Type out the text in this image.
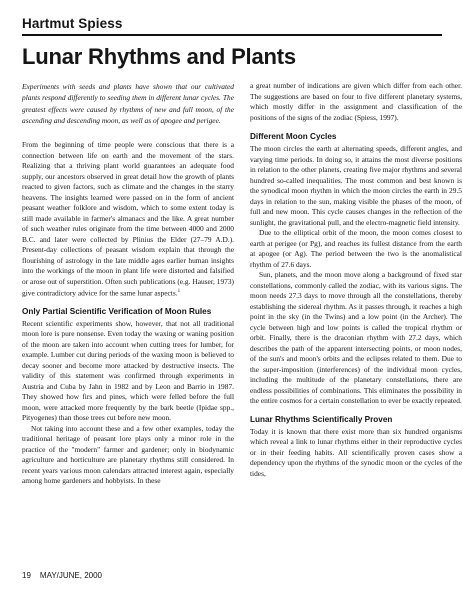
Hartmut Spiess
Lunar Rhythms and Plants
Experiments with seeds and plants have shown that our cultivated plants respond differently to seeding them in different lunar cycles. The greatest effects were caused by rhythms of new and full moon, of the ascending and descending moon, as well as of apogee and perigee.

From the beginning of time people were conscious that there is a connection between life on earth and the movement of the stars. Realizing that a thriving plant world guarantees an adequate food supply, our ancestors observed in great detail how the growth of plants reacted to given factors, such as climate and the changes in the starry heavens. The insights learned were passed on in the form of ancient peasant weather folklore and wisdom, which to some extent today is still made available in farmer's almanacs and the like. A great number of such weather rules originate from the time between 4000 and 2000 B.C. and later were collected by Plinius the Elder (27–79 A.D.). Present-day collections of peasant wisdom explain that through the flourishing of astrology in the late middle ages earlier human insights into the workings of the moon in plant life were distorted and falsified or arose out of superstition. Often such publications (e.g. Hauser, 1973) give contradictory advice for the same lunar aspects.$^1$

Only Partial Scientific Verification of Moon Rules

Recent scientific experiments show, however, that not all traditional moon lore is pure nonsense. Even today the waxing or waning position of the moon are taken into account when cutting trees for lumber, for example. Lumber cut during periods of the waxing moon is believed to decay sooner and become more attacked by destructive insects. The validity of this statement was confirmed through experiments in Austria and Cuba by Jahn in 1982 and by Leon and Barrio in 1987. They showed how firs and pines, which were felled before the full moon, were attacked more frequently by the bark beetle (Ipidae spp., Pityogenes) than those trees cut before new moon.

Not taking into account these and a few other examples, today the traditional heritage of peasant lore plays only a minor role in the practice of the "modern" farmer and gardener; only in biodynamic agriculture and horticulture are planetary rhythms still considered. In recent years various moon calendars attracted interest again, especially among home gardeners and hobbyists. In these

a great number of indications are given which differ from each other. The suggestions are based on four to five different planetary systems, which mostly differ in the assignment and classification of the positions of the signs of the zodiac (Spiess, 1997).

Different Moon Cycles

The moon circles the earth at alternating speeds, different angles, and varying time periods. In doing so, it attains the most diverse positions in relation to the other planets, creating five major rhythms and several hundred so-called inequalities. The most common and best known is the synodical moon rhythm in which the moon circles the earth in 29.5 days in relation to the sun, making visible the phases of the moon, of full and new moon. This cycle causes changes in the reflection of the sunlight, the gravitational pull, and the electro-magnetic field intensity.

Due to the elliptical orbit of the moon, the moon comes closest to earth at perigee (or Pg), and reaches its fullest distance from the earth at apogee (or Ag). The period between the two is the anomalistical rhythm of 27.6 days.

Sun, planets, and the moon move along a background of fixed star constellations, commonly called the zodiac, with its various signs. The moon needs 27.3 days to move through all the constellations, thereby establishing the sidereal rhythm. As it passes through, it reaches a high point in the sky (in the Twins) and a low point (in the Archer). The cycle between high and low points is called the tropical rhythm or orbit. Finally, there is the draconian rhythm with 27.2 days, which describes the path of the apparent intersecting points, or moon nodes, of the sun's and moon's orbits and the eclipses related to them. Due to the super-imposition (interferences) of the individual moon cycles, including the multitude of the planetary constellations, there are endless possibilities of combinations. This eliminates the possibility in the entire cosmos for a certain constellation to ever be exactly repeated.

Lunar Rhythms Scientifically Proven

Today it is known that there exist more than six hundred organisms which reveal a link to lunar rhythms either in their reproductive cycles or in their feeding habits. All scientifically proven cases show a dependency upon the rhythms of the synodic moon or the cycles of the tides,

19 MAY/JUNE, 2000
